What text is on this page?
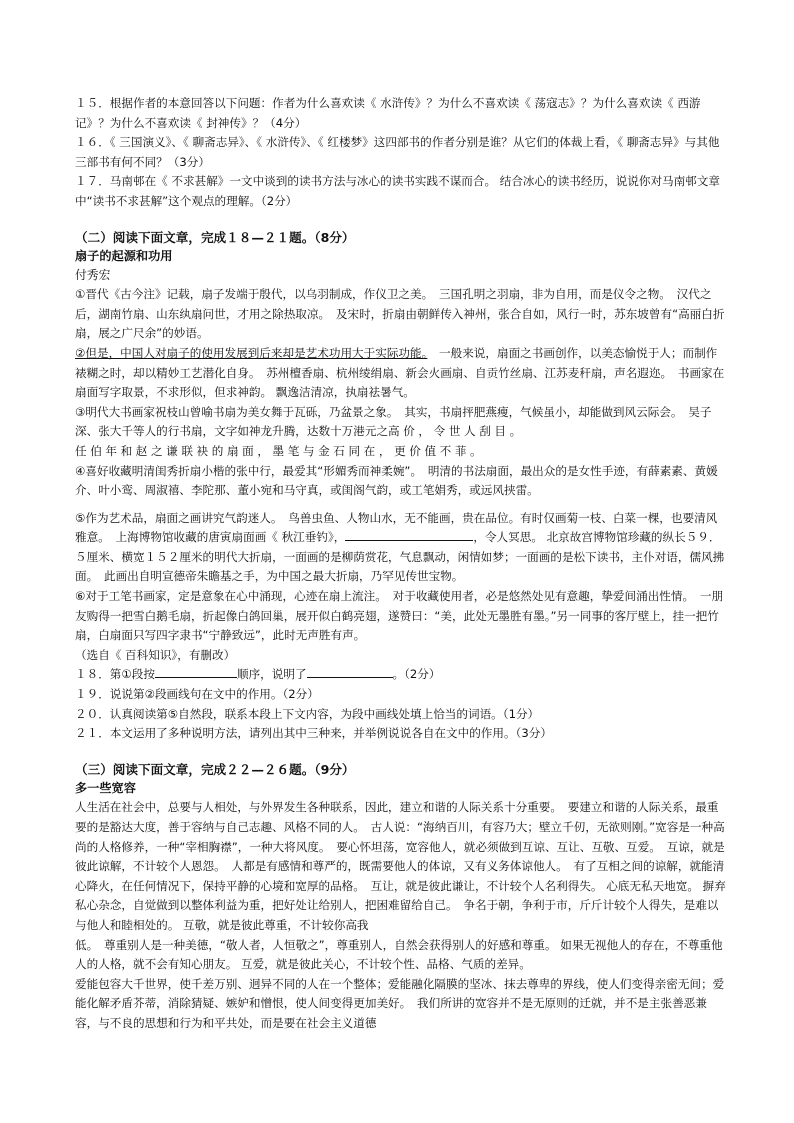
１５．根据作者的本意回答以下问题：作者为什么喜欢读《 水浒传》？为什么不喜欢读《 荡寇志》？为什么喜欢读《 西游记》？为什么不喜欢读《 封神传》？（4分）

１６．《 三国演义》、《 聊斋志异》、《 水浒传》、《 红楼梦》这四部书的作者分别是谁？从它们的体裁上看，《 聊斋志异》与其他三部书有何不同？（3分）

１７．马南邨在《 不求甚解》一文中谈到的读书方法与冰心的读书实践不谋而合。 结合冰心的读书经历，说说你对马南邨文章中“读书不求甚解”这个观点的理解。（2分）

（二）阅读下面文章，完成１８—２１题。（8分）

扇子的起源和功用

付秀宏

①晋代《古今注》记载，扇子发端于殷代，以乌羽制成，作仪卫之美。　三国孔明之羽扇，非为自用，而是仪令之物。　汉代之后，湖南竹扇、山东纨扇问世，才用之除热取凉。　及宋时，折扇由朝鲜传入神州，张合自如，风行一时，苏东坡曾有“高丽白折扇，展之广尺余”的妙语。

②但是，中国人对扇子的使用发展到后来却是艺术功用大于实际功能。　一般来说，扇面之书画创作，以美态愉悦于人；而制作裱糊之时，却以精妙工艺潜化自身。　苏州檀香扇、杭州绫绢扇、新会火画扇、自贡竹丝扇、江苏麦秆扇，声名遐迩。　书画家在扇面写字取景，不求形似，但求神韵。 飘逸洁清凉，执扇祛暑气。

③明代大书画家祝枝山曾喻书扇为美女舞于瓦砾，乃盆景之象。　其实，书扇抨肥燕瘦，气候虽小，却能做到风云际会。　吴子深、张大千等人的行书扇，文字如神龙升腾，达数十万港元之高价，令世人刮目。
任伯年和赵之谦联袂的扇面，墨笔与金石同在，更价值不菲。

④喜好收藏明清闺秀折扇小楷的张中行，最爱其“形媚秀而神柔婉”。　明清的书法扇面，最出众的是女性手迹，有薛素素、黄媛介、叶小鸾、周淑禧、李陀那、董小宛和马守真，或闺阁气韵，或工笔娟秀，或远风挟雷。

⑤作为艺术品，扇面之画讲究气韵迷人。　鸟兽虫鱼、人物山水，无不能画，贵在品位。有时仅画菊一枝、白菜一棵，也要清风雅意。　上海博物馆收藏的唐寅扇面画《 秋江垂钓》，	，令人冥思。 北京故宫博物馆珍藏的纵长５９．５厘米、横宽１５２厘米的明代大折扇，一面画的是柳荫赏花，气息飘动，闲情如梦；一面画的是松下读书，主仆对语，儒风拂面。　此画出自明宣德帝朱瞻基之手，为中国之最大折扇，乃罕见传世宝物。

⑥对于工笔书画家，定是意象在心中涌现，心迹在扇上流注。　对于收藏使用者，必是悠然处见有意趣，挚爱间涌出性情。　一朋友购得一把雪白鹅毛扇，折起像白鸽回巢，展开似白鹤亮翅，遂赞曰：“美，此处无墨胜有墨。”另一同事的客厅壁上，挂一把竹扇，白扇面只写四字隶书“宁静致远”，此时无声胜有声。

（选自《 百科知识》，有删改）

１８．第①段按	顺序，说明了	。（2分）

１９．说说第②段画线句在文中的作用。（2分）

２０．认真阅读第⑤自然段，联系本段上下文内容，为段中画线处填上恰当的词语。（1分）

２１．本文运用了多种说明方法，请列出其中三种来，并举例说说各自在文中的作用。（3分）

（三）阅读下面文章，完成２２—２６题。（9分）

多一些宽容

人生活在社会中，总要与人相处，与外界发生各种联系，因此，建立和谐的人际关系十分重要。　要建立和谐的人际关系，最重要的是豁达大度，善于容纳与自己志趣、风格不同的人。　古人说：“海纳百川，有容乃大；壁立千仞，无欲则刚。”宽容是一种高尚的人格修养，一种“宰相胸襟”，一种大将风度。　要心怀坦荡，宽容他人，就必须做到互谅、互让、互敬、互爱。　互谅，就是彼此谅解，不计较个人恩怨。　人都是有感情和尊严的，既需要他人的体谅，又有义务体谅他人。　有了互相之间的谅解，就能清心降火，在任何情况下，保持平静的心境和宽厚的品格。　互让，就是彼此谦让，不计较个人名利得失。 心底无私天地宽。 摒弃私心杂念，自觉做到以整体利益为重，把好处让给别人，把困难留给自己。　争名于朝，争利于市，斤斤计较个人得失，是难以与他人和睦相处的。 互敬，就是彼此尊重，不计较你高我

低。　尊重别人是一种美德，“敬人者，人恒敬之”，尊重别人，自然会获得别人的好感和尊重。 如果无视他人的存在，不尊重他人的人格，就不会有知心朋友。 互爱，就是彼此关心，不计较个性、品格、气质的差异。

爱能包容大千世界，使千差万别、迥异不同的人在一个整体；爱能融化隔膜的坚冰、抹去尊卑的界线，使人们变得亲密无间；爱能化解矛盾芥蒂，消除猜疑、嫉妒和憎恨，使人间变得更加美好。　我们所讲的宽容并不是无原则的迁就，并不是主张善恶兼容，与不良的思想和行为和平共处，而是要在社会主义道德
